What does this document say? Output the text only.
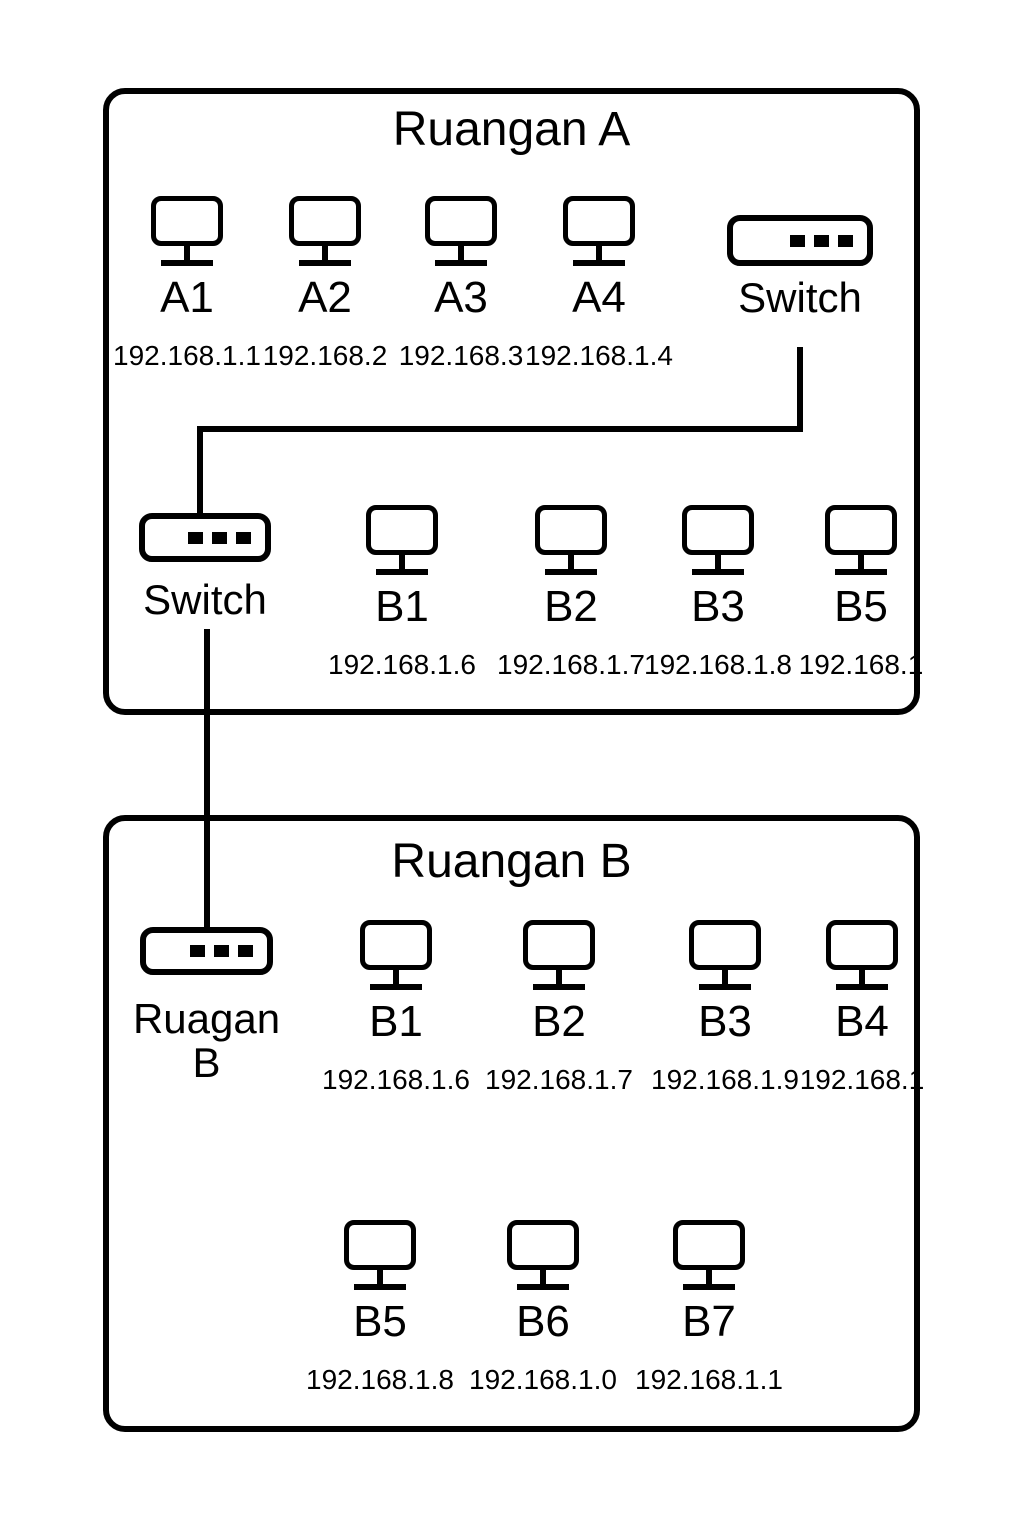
Ruangan A
Ruangan B
A1
192.168.1.1
A2
192.168.2
A3
192.168.3
A4
192.168.1.4
Switch
Switch	B1
192.168.1.6
B2
192.168.1.7
B3
192.168.1.8
B5
192.168.1
Ruagan
B
B1
192.168.1.6
B2
192.168.1.7
B3
192.168.1.9
B4
192.168.1
B5
192.168.1.8
B6
192.168.1.0
B7
192.168.1.1
